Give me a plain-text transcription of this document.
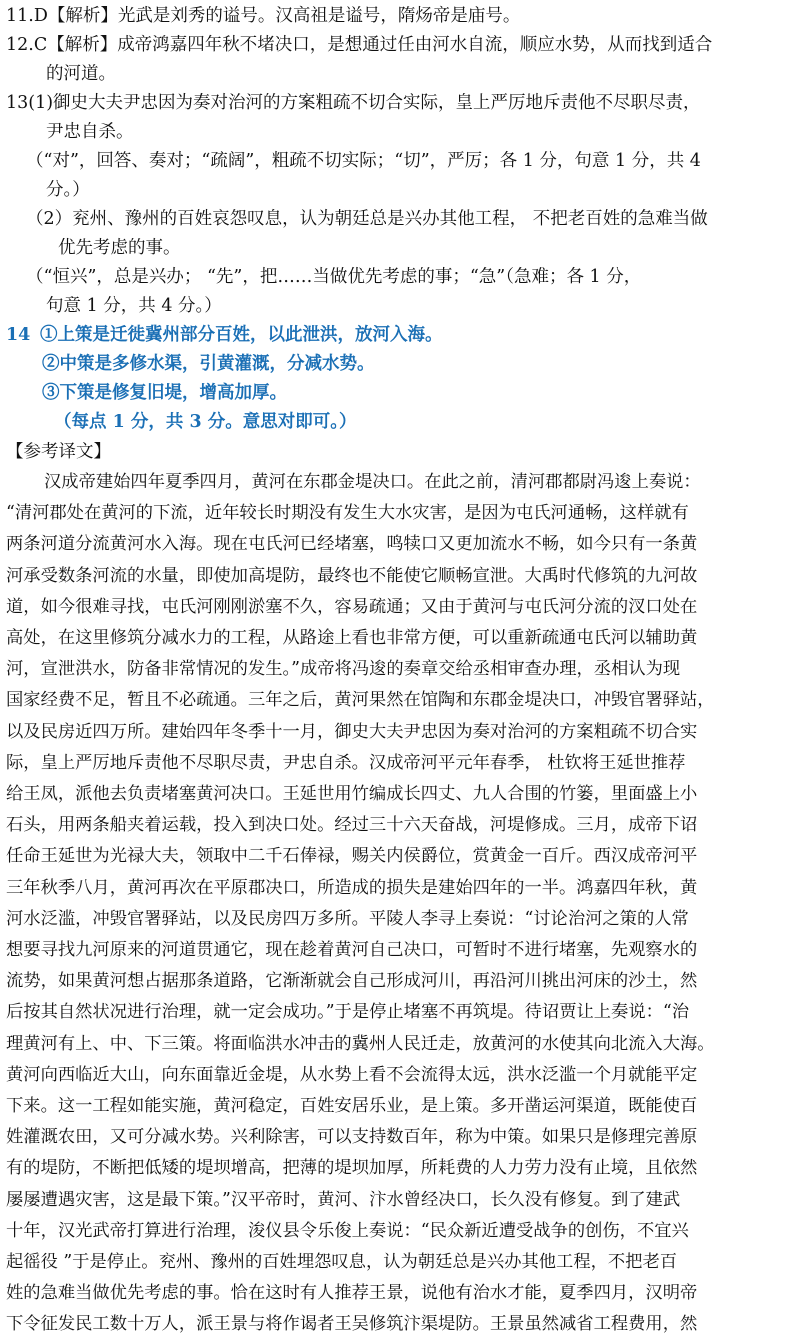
11.D【解析】光武是刘秀的谥号。汉高祖是谥号，隋炀帝是庙号。
12.C【解析】成帝鸿嘉四年秋不堵决口，是想通过任由河水自流，顺应水势，从而找到适合
的河道。
13(1)御史大夫尹忠因为奏对治河的方案粗疏不切合实际，皇上严厉地斥责他不尽职尽责，
尹忠自杀。
（“对”，回答、奏对；“疏阔”，粗疏不切实际；“切”，严厉；各 1 分，句意 1 分，共 4
分。）
（2）兖州、豫州的百姓哀怨叹息，认为朝廷总是兴办其他工程， 不把老百姓的急难当做
优先考虑的事。
（“恒兴”，总是兴办； “先”，把……当做优先考虑的事；“急”（急难；各 1 分，
句意 1 分，共 4 分。）
14 ①上策是迁徙冀州部分百姓，以此泄洪，放河入海。
②中策是多修水渠，引黄灌溉，分减水势。
③下策是修复旧堤，增高加厚。
（每点 1 分，共 3 分。意思对即可。）
【参考译文】
汉成帝建始四年夏季四月，黄河在东郡金堤决口。在此之前，清河郡都尉冯逡上奏说：
“清河郡处在黄河的下流，近年较长时期没有发生大水灾害，是因为屯氏河通畅，这样就有
两条河道分流黄河水入海。现在屯氏河已经堵塞，鸣犊口又更加流水不畅，如今只有一条黄
河承受数条河流的水量，即使加高堤防，最终也不能使它顺畅宣泄。大禹时代修筑的九河故
道，如今很难寻找，屯氏河刚刚淤塞不久，容易疏通；又由于黄河与屯氏河分流的汊口处在
高处，在这里修筑分减水力的工程，从路途上看也非常方便，可以重新疏通屯氏河以辅助黄
河，宣泄洪水，防备非常情况的发生。”成帝将冯逡的奏章交给丞相审查办理，丞相认为现
国家经费不足，暂且不必疏通。三年之后，黄河果然在馆陶和东郡金堤决口，冲毁官署驿站，
以及民房近四万所。建始四年冬季十一月，御史大夫尹忠因为奏对治河的方案粗疏不切合实
际，皇上严厉地斥责他不尽职尽责，尹忠自杀。汉成帝河平元年春季， 杜钦将王延世推荐
给王凤，派他去负责堵塞黄河决口。王延世用竹编成长四丈、九人合围的竹篓，里面盛上小
石头，用两条船夹着运载，投入到决口处。经过三十六天奋战，河堤修成。三月，成帝下诏
任命王延世为光禄大夫，领取中二千石俸禄，赐关内侯爵位，赏黄金一百斤。西汉成帝河平
三年秋季八月，黄河再次在平原郡决口，所造成的损失是建始四年的一半。鸿嘉四年秋，黄
河水泛滥，冲毁官署驿站，以及民房四万多所。平陵人李寻上奏说：“讨论治河之策的人常
想要寻找九河原来的河道贯通它，现在趁着黄河自己决口，可暂时不进行堵塞，先观察水的
流势，如果黄河想占据那条道路，它渐渐就会自己形成河川，再沿河川挑出河床的沙土，然
后按其自然状况进行治理，就一定会成功。”于是停止堵塞不再筑堤。待诏贾让上奏说：“治
理黄河有上、中、下三策。将面临洪水冲击的冀州人民迁走，放黄河的水使其向北流入大海。
黄河向西临近大山，向东面靠近金堤，从水势上看不会流得太远，洪水泛滥一个月就能平定
下来。这一工程如能实施，黄河稳定，百姓安居乐业，是上策。多开凿运河渠道，既能使百
姓灌溉农田，又可分减水势。兴利除害，可以支持数百年，称为中策。如果只是修理完善原
有的堤防，不断把低矮的堤坝增高，把薄的堤坝加厚，所耗费的人力劳力没有止境，且依然
屡屡遭遇灾害，这是最下策。”汉平帝时，黄河、汴水曾经决口，长久没有修复。到了建武
十年，汉光武帝打算进行治理，浚仪县令乐俊上奏说：“民众新近遭受战争的创伤，不宜兴
起徭役 ”于是停止。兖州、豫州的百姓埋怨叹息，认为朝廷总是兴办其他工程，不把老百
姓的急难当做优先考虑的事。恰在这时有人推荐王景，说他有治水才能，夏季四月，汉明帝
下令征发民工数十万人，派王景与将作谒者王吴修筑汴渠堤防。王景虽然减省工程费用，然
